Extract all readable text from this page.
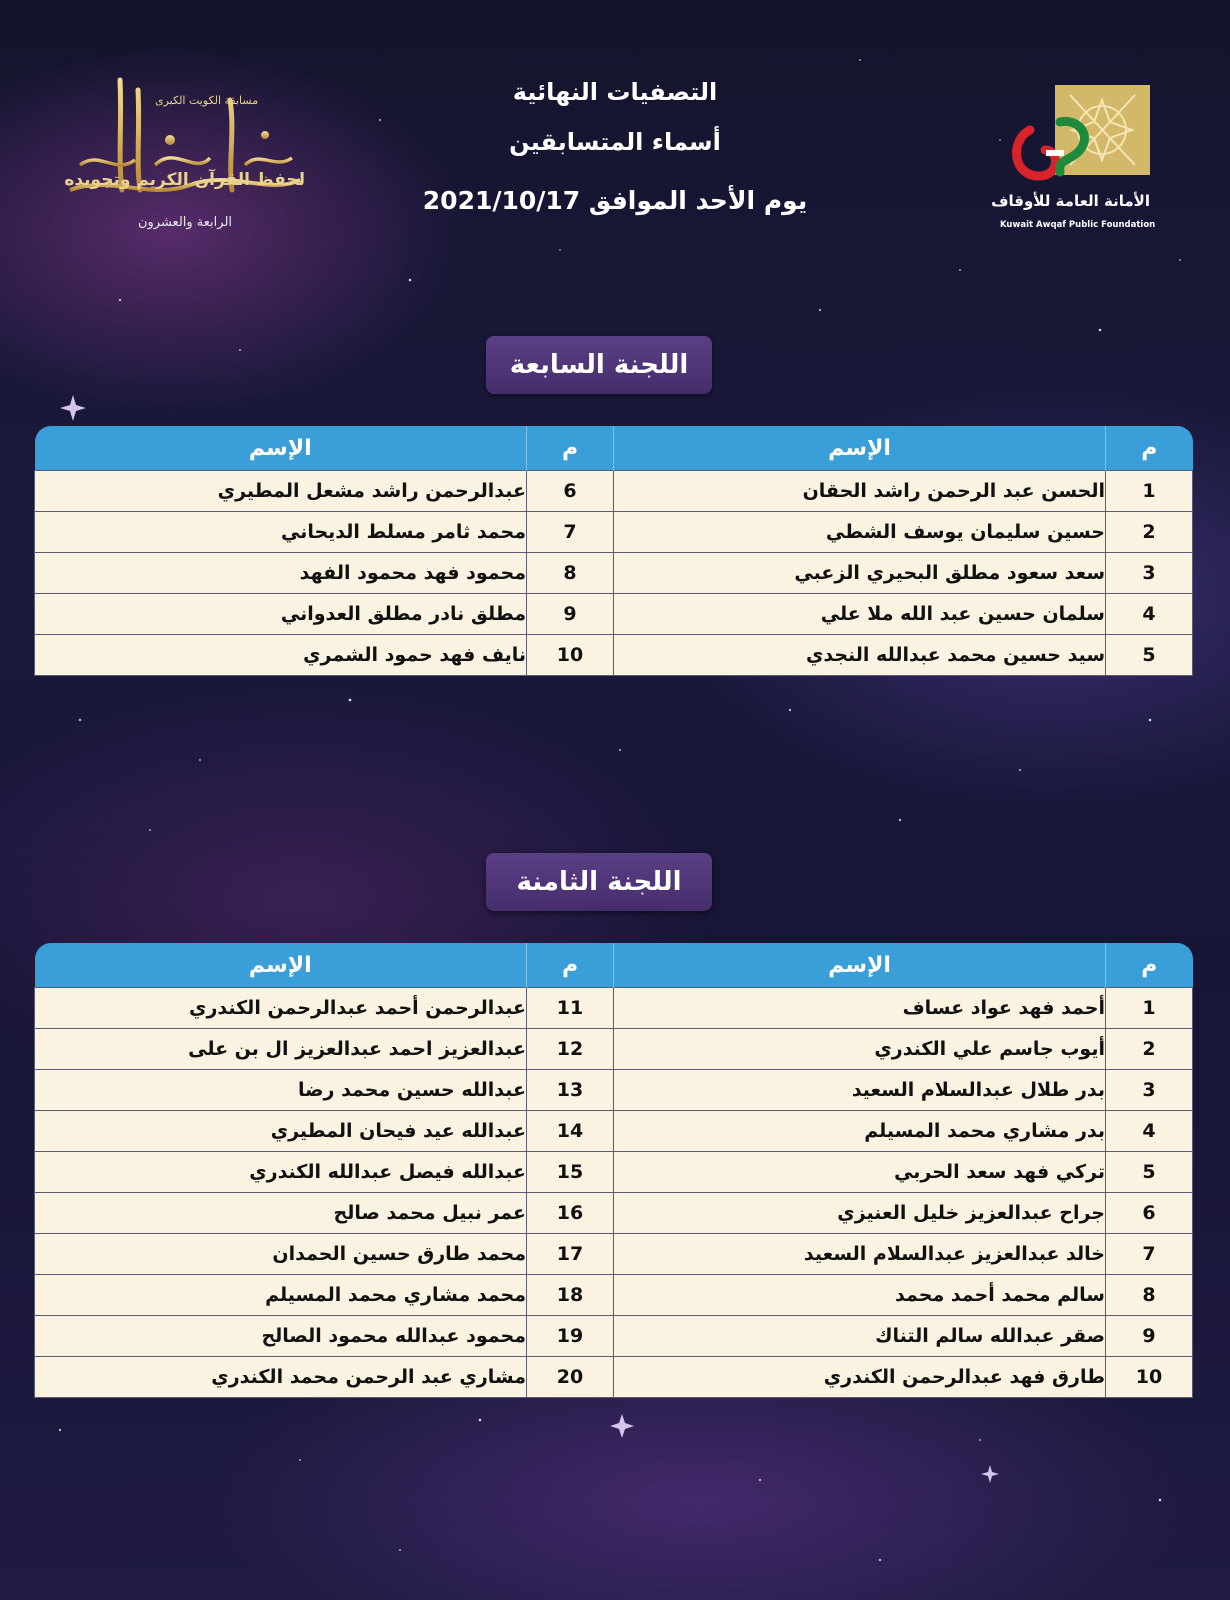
مسابقة الكويت الكبرى
لحفظ القرآن الكريم وتجويده
الرابعة والعشرون
الأمانة العامة للأوقاف
Kuwait Awqaf Public Foundation
التصفيات النهائية
أسماء المتسابقين
يوم الأحد الموافق 2021/10/17
اللجنة السابعة
م	الإسم	م	الإسم
1	الحسن عبد الرحمن راشد الحقان	6	عبدالرحمن راشد مشعل المطيري
2	حسين سليمان يوسف الشطي	7	محمد ثامر مسلط الديحاني
3	سعد سعود مطلق البحيري الزعبي	8	محمود فهد محمود الفهد
4	سلمان حسين عبد الله ملا علي	9	مطلق نادر مطلق العدواني
5	سيد حسين محمد عبدالله النجدي	10	نايف فهد حمود الشمري
اللجنة الثامنة
م	الإسم	م	الإسم
1	أحمد فهد عواد عساف	11	عبدالرحمن أحمد عبدالرحمن الكندري
2	أيوب جاسم علي الكندري	12	عبدالعزيز احمد عبدالعزيز ال بن على
3	بدر طلال عبدالسلام السعيد	13	عبدالله حسين محمد رضا
4	بدر مشاري محمد المسيلم	14	عبدالله عيد فيحان المطيري
5	تركي فهد سعد الحربي	15	عبدالله فيصل عبدالله الكندري
6	جراح عبدالعزيز خليل العنيزي	16	عمر نبيل محمد صالح
7	خالد عبدالعزيز عبدالسلام السعيد	17	محمد طارق حسين الحمدان
8	سالم محمد أحمد محمد	18	محمد مشاري محمد المسيلم
9	صقر عبدالله سالم التناك	19	محمود عبدالله محمود الصالح
10	طارق فهد عبدالرحمن الكندري	20	مشاري عبد الرحمن محمد الكندري
